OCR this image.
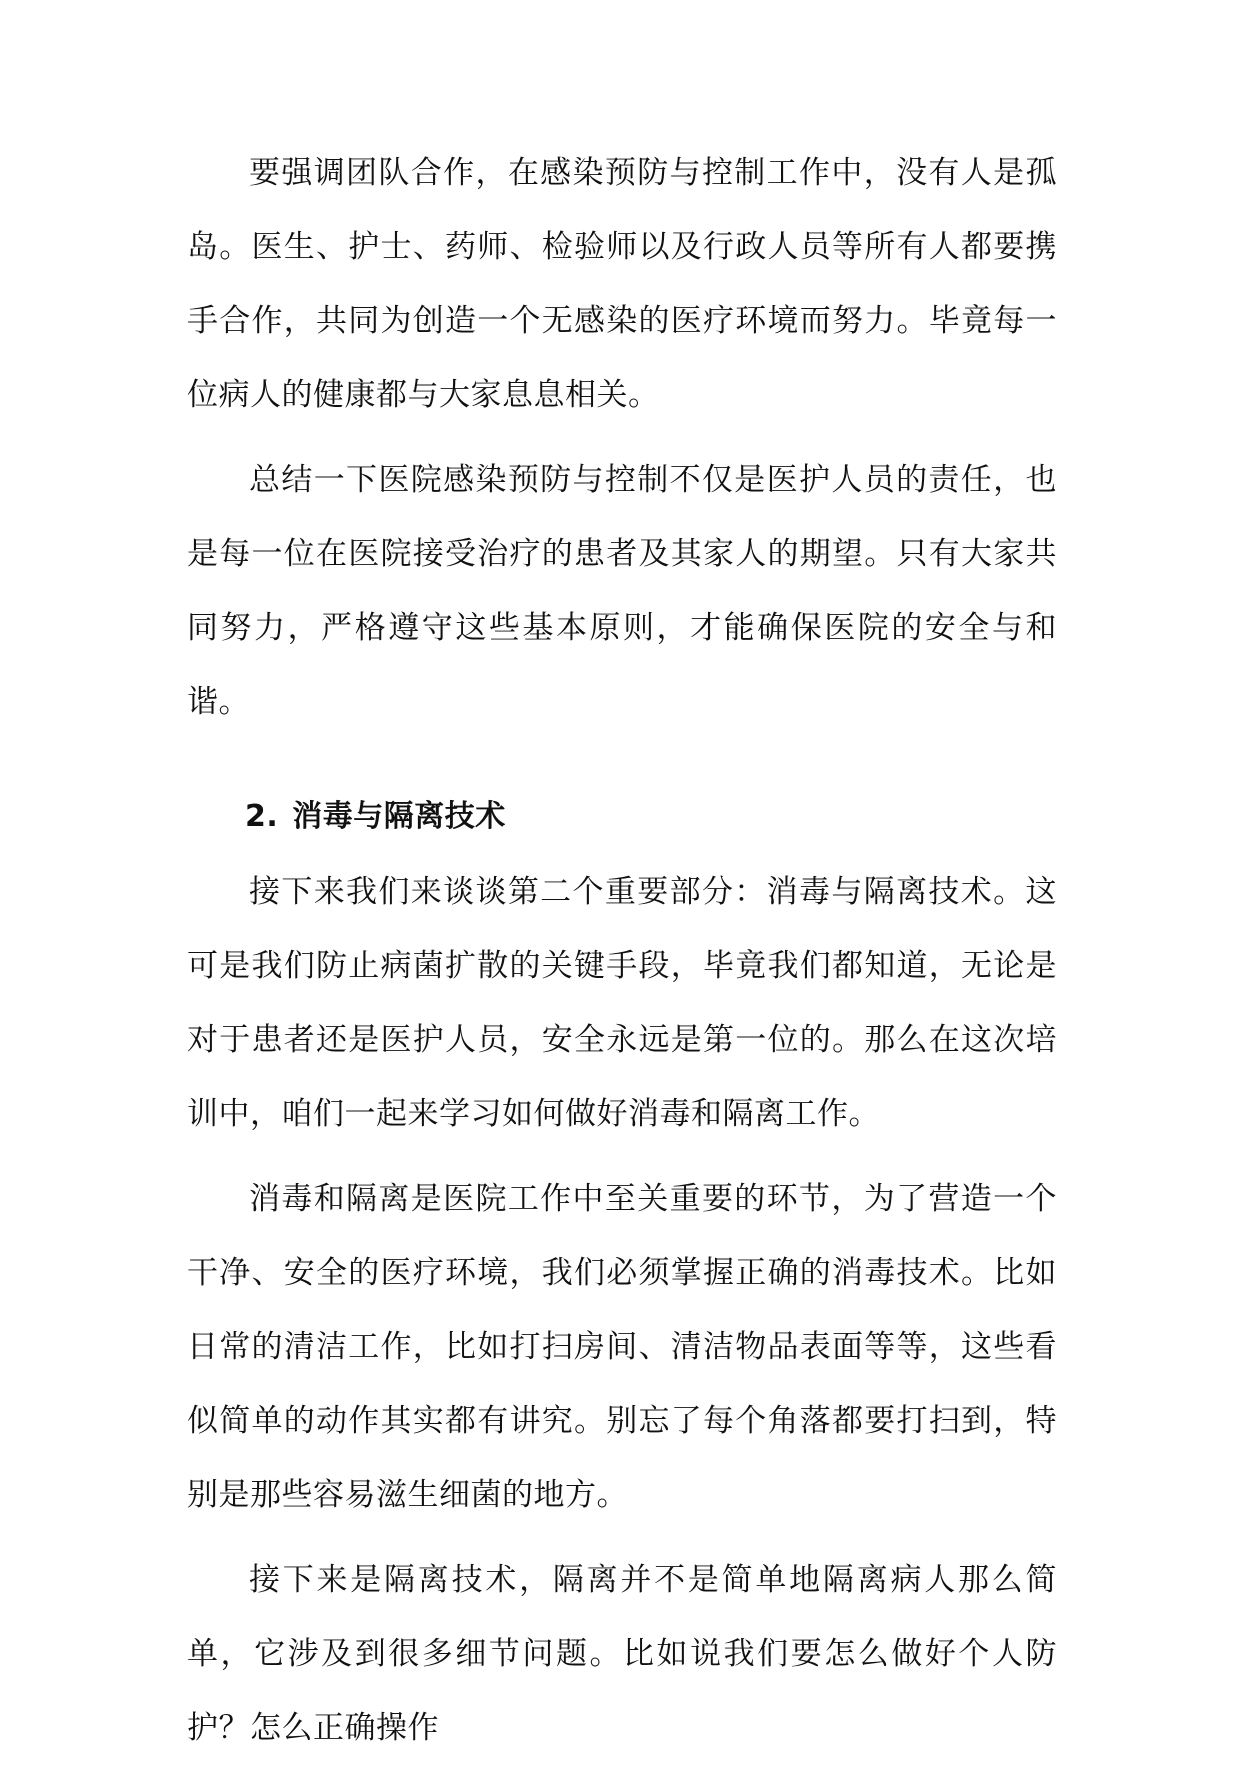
要强调团队合作，在感染预防与控制工作中，没有人是孤岛。医生、护士、药师、检验师以及行政人员等所有人都要携手合作，共同为创造一个无感染的医疗环境而努力。毕竟每一位病人的健康都与大家息息相关。

总结一下医院感染预防与控制不仅是医护人员的责任，也是每一位在医院接受治疗的患者及其家人的期望。只有大家共同努力，严格遵守这些基本原则，才能确保医院的安全与和谐。

2. 消毒与隔离技术

接下来我们来谈谈第二个重要部分：消毒与隔离技术。这可是我们防止病菌扩散的关键手段，毕竟我们都知道，无论是对于患者还是医护人员，安全永远是第一位的。那么在这次培训中，咱们一起来学习如何做好消毒和隔离工作。

消毒和隔离是医院工作中至关重要的环节，为了营造一个干净、安全的医疗环境，我们必须掌握正确的消毒技术。比如日常的清洁工作，比如打扫房间、清洁物品表面等等，这些看似简单的动作其实都有讲究。别忘了每个角落都要打扫到，特别是那些容易滋生细菌的地方。

接下来是隔离技术，隔离并不是简单地隔离病人那么简单，它涉及到很多细节问题。比如说我们要怎么做好个人防护？怎么正确操作
